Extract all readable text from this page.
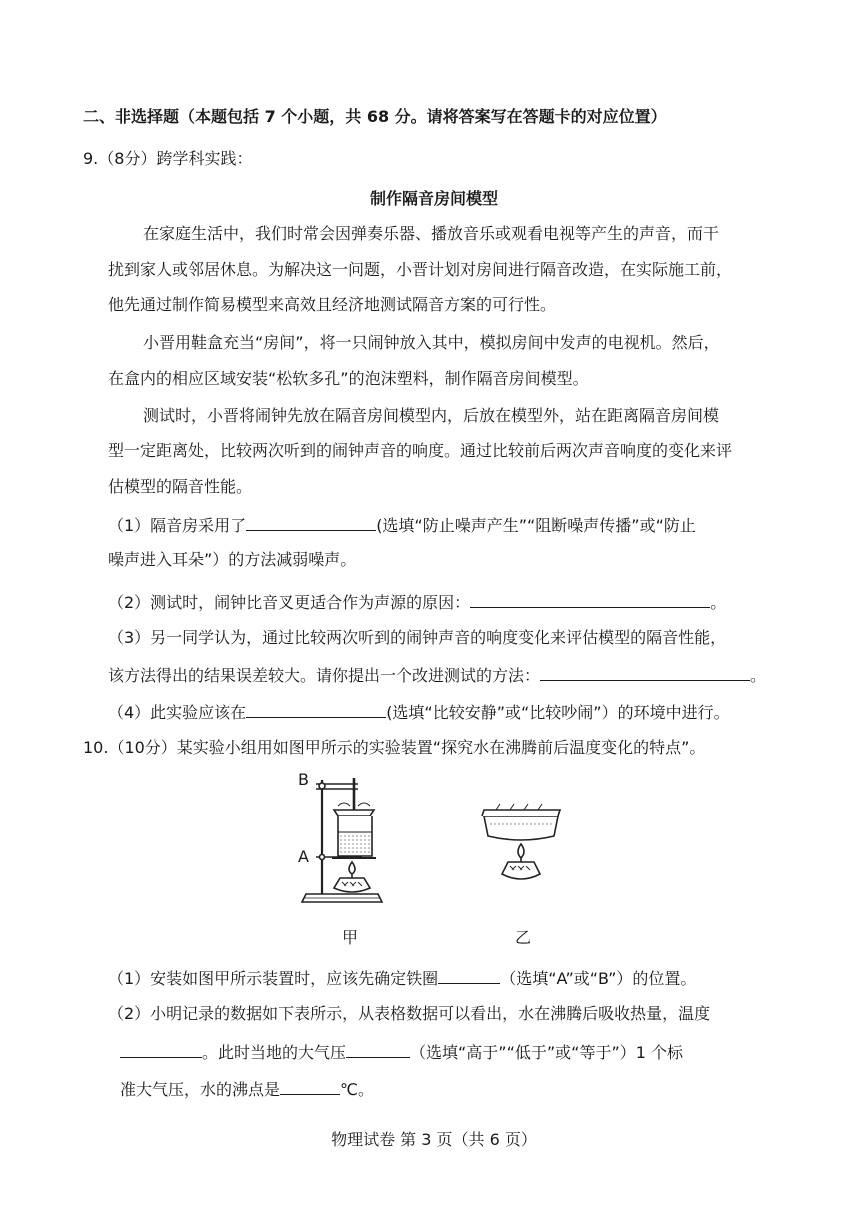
二、非选择题（本题包括 7 个小题，共 68 分。请将答案写在答题卡的对应位置）
9.（8分）跨学科实践：
制作隔音房间模型
在家庭生活中，我们时常会因弹奏乐器、播放音乐或观看电视等产生的声音，而干
扰到家人或邻居休息。为解决这一问题，小晋计划对房间进行隔音改造，在实际施工前，
他先通过制作简易模型来高效且经济地测试隔音方案的可行性。
小晋用鞋盒充当“房间”，将一只闹钟放入其中，模拟房间中发声的电视机。然后，
在盒内的相应区域安装“松软多孔”的泡沫塑料，制作隔音房间模型。
测试时，小晋将闹钟先放在隔音房间模型内，后放在模型外，站在距离隔音房间模
型一定距离处，比较两次听到的闹钟声音的响度。通过比较前后两次声音响度的变化来评
估模型的隔音性能。
（1）隔音房采用了	(选填“防止噪声产生”“阻断噪声传播”或“防止
噪声进入耳朵”）的方法减弱噪声。
（2）测试时，闹钟比音叉更适合作为声源的原因：	。
（3）另一同学认为，通过比较两次听到的闹钟声音的响度变化来评估模型的隔音性能，
该方法得出的结果误差较大。请你提出一个改进测试的方法：	。
（4）此实验应该在	(选填“比较安静”或“比较吵闹”）的环境中进行。
10.（10分）某实验小组用如图甲所示的实验装置“探究水在沸腾前后温度变化的特点”。
B
A
甲	乙
（1）安装如图甲所示装置时，应该先确定铁圈	（选填“A”或“B”）的位置。
（2）小明记录的数据如下表所示，从表格数据可以看出，水在沸腾后吸收热量，温度
。此时当地的大气压	（选填“高于”“低于”或“等于”）1 个标
准大气压，水的沸点是	℃。
物理试卷 第 3 页（共 6 页）
